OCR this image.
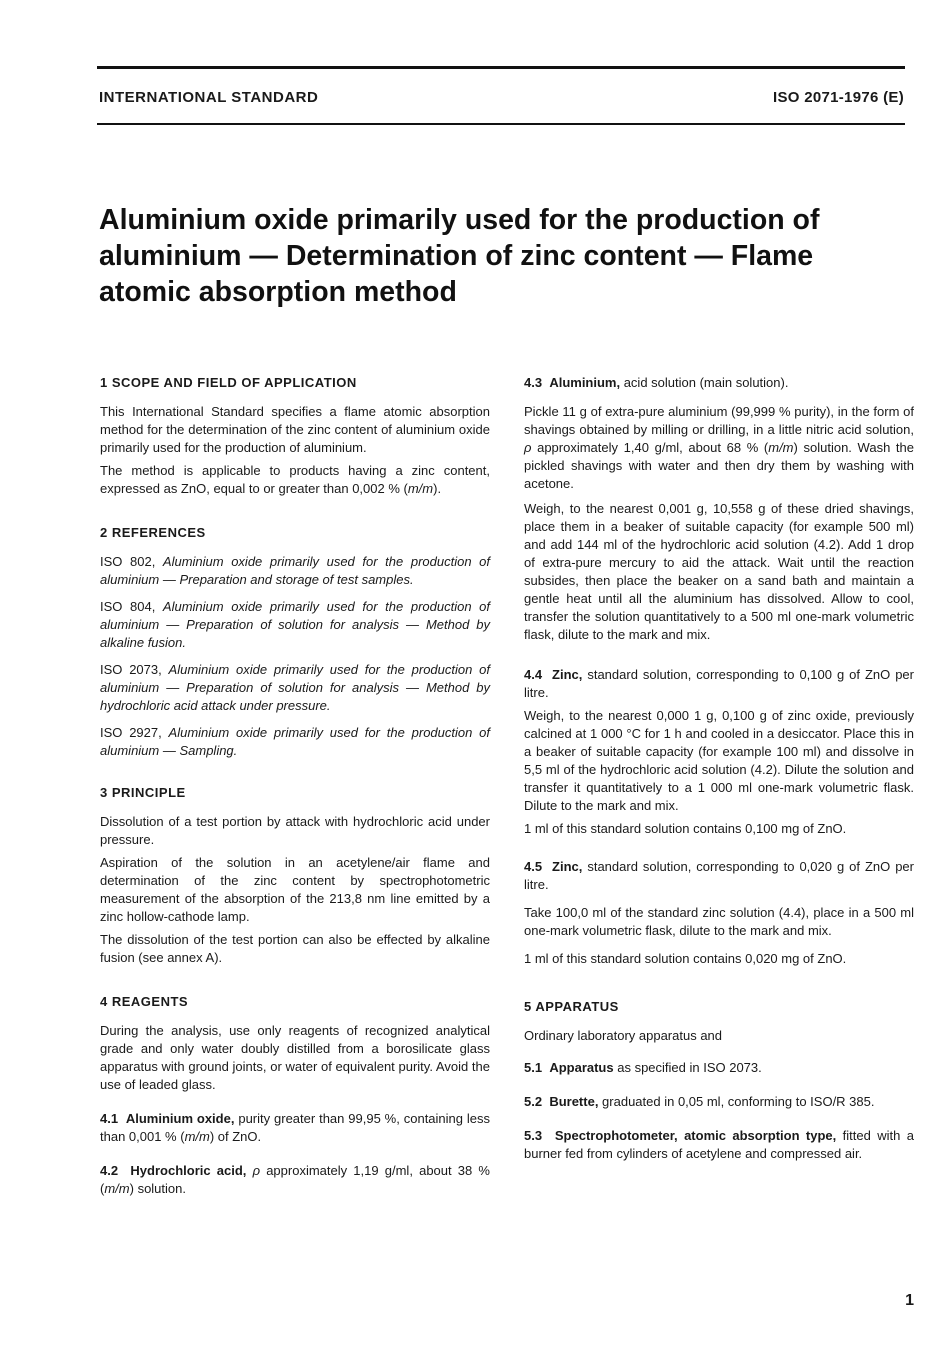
INTERNATIONAL STANDARD	ISO 2071-1976 (E)
Aluminium oxide primarily used for the production of aluminium — Determination of zinc content — Flame atomic absorption method
1 SCOPE AND FIELD OF APPLICATION

This International Standard specifies a flame atomic absorption method for the determination of the zinc content of aluminium oxide primarily used for the production of aluminium.

The method is applicable to products having a zinc content, expressed as ZnO, equal to or greater than 0,002 % (m/m).

2 REFERENCES

ISO 802, Aluminium oxide primarily used for the production of aluminium — Preparation and storage of test samples.

ISO 804, Aluminium oxide primarily used for the production of aluminium — Preparation of solution for analysis — Method by alkaline fusion.

ISO 2073, Aluminium oxide primarily used for the production of aluminium — Preparation of solution for analysis — Method by hydrochloric acid attack under pressure.

ISO 2927, Aluminium oxide primarily used for the production of aluminium — Sampling.

3 PRINCIPLE

Dissolution of a test portion by attack with hydrochloric acid under pressure.

Aspiration of the solution in an acetylene/air flame and determination of the zinc content by spectrophotometric measurement of the absorption of the 213,8 nm line emitted by a zinc hollow-cathode lamp.

The dissolution of the test portion can also be effected by alkaline fusion (see annex A).

4 REAGENTS

During the analysis, use only reagents of recognized analytical grade and only water doubly distilled from a borosilicate glass apparatus with ground joints, or water of equivalent purity. Avoid the use of leaded glass.

4.1 Aluminium oxide, purity greater than 99,95 %, containing less than 0,001 % (m/m) of ZnO.

4.2 Hydrochloric acid, ρ approximately 1,19 g/ml, about 38 % (m/m) solution.

4.3 Aluminium, acid solution (main solution).

Pickle 11 g of extra-pure aluminium (99,999 % purity), in the form of shavings obtained by milling or drilling, in a little nitric acid solution, ρ approximately 1,40 g/ml, about 68 % (m/m) solution. Wash the pickled shavings with water and then dry them by washing with acetone.

Weigh, to the nearest 0,001 g, 10,558 g of these dried shavings, place them in a beaker of suitable capacity (for example 500 ml) and add 144 ml of the hydrochloric acid solution (4.2). Add 1 drop of extra-pure mercury to aid the attack. Wait until the reaction subsides, then place the beaker on a sand bath and maintain a gentle heat until all the aluminium has dissolved. Allow to cool, transfer the solution quantitatively to a 500 ml one-mark volumetric flask, dilute to the mark and mix.

4.4 Zinc, standard solution, corresponding to 0,100 g of ZnO per litre.

Weigh, to the nearest 0,000 1 g, 0,100 g of zinc oxide, previously calcined at 1 000 °C for 1 h and cooled in a desiccator. Place this in a beaker of suitable capacity (for example 100 ml) and dissolve in 5,5 ml of the hydrochloric acid solution (4.2). Dilute the solution and transfer it quantitatively to a 1 000 ml one-mark volumetric flask. Dilute to the mark and mix.

1 ml of this standard solution contains 0,100 mg of ZnO.

4.5 Zinc, standard solution, corresponding to 0,020 g of ZnO per litre.

Take 100,0 ml of the standard zinc solution (4.4), place in a 500 ml one-mark volumetric flask, dilute to the mark and mix.

1 ml of this standard solution contains 0,020 mg of ZnO.

5 APPARATUS

Ordinary laboratory apparatus and

5.1 Apparatus as specified in ISO 2073.

5.2 Burette, graduated in 0,05 ml, conforming to ISO/R 385.

5.3 Spectrophotometer, atomic absorption type, fitted with a burner fed from cylinders of acetylene and compressed air.

1
